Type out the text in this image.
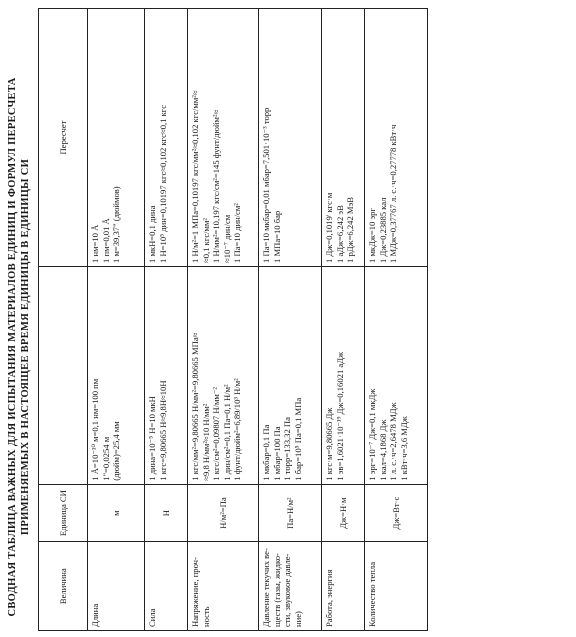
СВОДНАЯ ТАБЛИЦА ВАЖНЫХ ДЛЯ ИСПЫТАНИЯ МАТЕРИАЛОВ ЕДИНИЦ И ФОРМУЛ ПЕРЕСЧЕТА ПРИМЕНЯЕМЫХ В НАСТОЯЩЕЕ ВРЕМЯ ЕДИНИЦЫ В ЕДИНИЦЫ СИ
Величина	Единица СИ		Пересчет

Длина	м	1 Å=10⁻¹⁰ м=0,1 нм=100 пм 1"=0,0254 м (дюйм)=25,4 мм	1 нм=10 Å 1 пм=0,01 Å 1 м=39,37" (дюймов)

Сила	Н	1 дина=10⁻⁵ Н=10 мкН 1 кгс=9,80665 Н≈9,8Н≈10Н	1 мкН=0,1 дина 1 Н=10⁵ дин=0,10197 кгс≈0,102 кгс≈0,1 кгс

Напряжение, проч- ность	Н/м²=Па	1 кгс/мм²=9,80665 Н/мм²=9,80665 МПа≈ ≈9,8 Н/мм²≈10 Н/мм² 1 кгс/см²=0,09807 Н/мм⁻² 1 дин/см²=0,1 Па=0,1 Н/м² 1 фунт/дюйм²=6,89/10³ Н/м²	1 Н/м²=1 МПа=0,10197 кгс/мм²≈0,102 кгс/мм²≈ ≈0,1 кгс/мм² 1 Н/мм²=10,197 кгс/см²=145 фунт/дюйм²≈ ≈10⁻⁷ дин/см 1 Па=10 дин/см²

Давление текучих ве- ществ (газы, жидко- сти, звуковое давле- ние)	Па=Н/м²	1 мкбар=0,1 Па 1 мбар=100 Па 1 торр=133,32 Па 1 бар=10⁵ Па=0,1 МПа	1 Па=10 мкбар=0,01 мбар=7,501·10⁻³ торр 1 МПа=10 бар

Работа, энергия	Дж=Н·м	1 кгс·м=9,80665 Дж 1 эв=1,6021·10⁻¹⁹ Дж=0,16021 аДж	1 Дж=0,1019' кгс·м 1 аДж=6,242 эВ 1 рДж=6,242 МэВ

Количество тепла	Дж=Вт·с	1 эрг=10⁻⁷ Дж=0,1 мкДж 1 кал=4,1868 Дж 1 л. с.·ч=2,6478 МДж 1 кВт·ч=3,6 МДж	1 мкДж=10 эрг 1 Дж=0,23885 кал 1 МДж=0,37767 л. с.·ч=0,27778 кВт·ч
